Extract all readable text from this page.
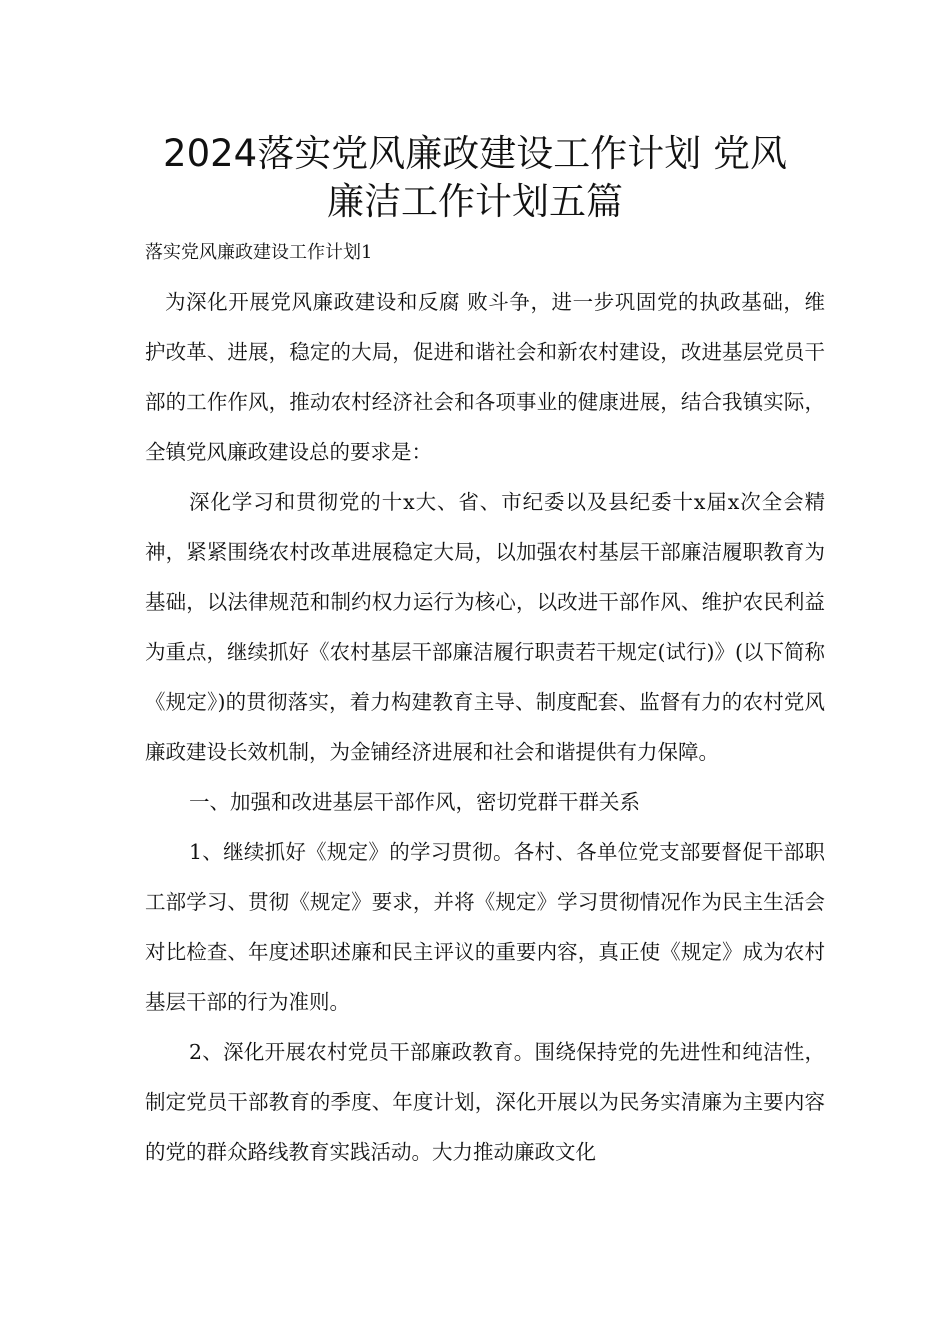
2024落实党风廉政建设工作计划 党风
廉洁工作计划五篇

落实党风廉政建设工作计划1

为深化开展党风廉政建设和反腐 败斗争，进一步巩固党的执政基础，维护改革、进展，稳定的大局，促进和谐社会和新农村建设，改进基层党员干部的工作作风，推动农村经济社会和各项事业的健康进展，结合我镇实际，全镇党风廉政建设总的要求是：

深化学习和贯彻党的十x大、省、市纪委以及县纪委十x届x次全会精神，紧紧围绕农村改革进展稳定大局，以加强农村基层干部廉洁履职教育为基础，以法律规范和制约权力运行为核心，以改进干部作风、维护农民利益为重点，继续抓好《农村基层干部廉洁履行职责若干规定(试行)》(以下简称《规定》)的贯彻落实，着力构建教育主导、制度配套、监督有力的农村党风廉政建设长效机制，为金铺经济进展和社会和谐提供有力保障。

一、加强和改进基层干部作风，密切党群干群关系

1、继续抓好《规定》的学习贯彻。各村、各单位党支部要督促干部职工部学习、贯彻《规定》要求，并将《规定》学习贯彻情况作为民主生活会对比检查、年度述职述廉和民主评议的重要内容，真正使《规定》成为农村基层干部的行为准则。

2、深化开展农村党员干部廉政教育。围绕保持党的先进性和纯洁性，制定党员干部教育的季度、年度计划，深化开展以为民务实清廉为主要内容的党的群众路线教育实践活动。大力推动廉政文化
